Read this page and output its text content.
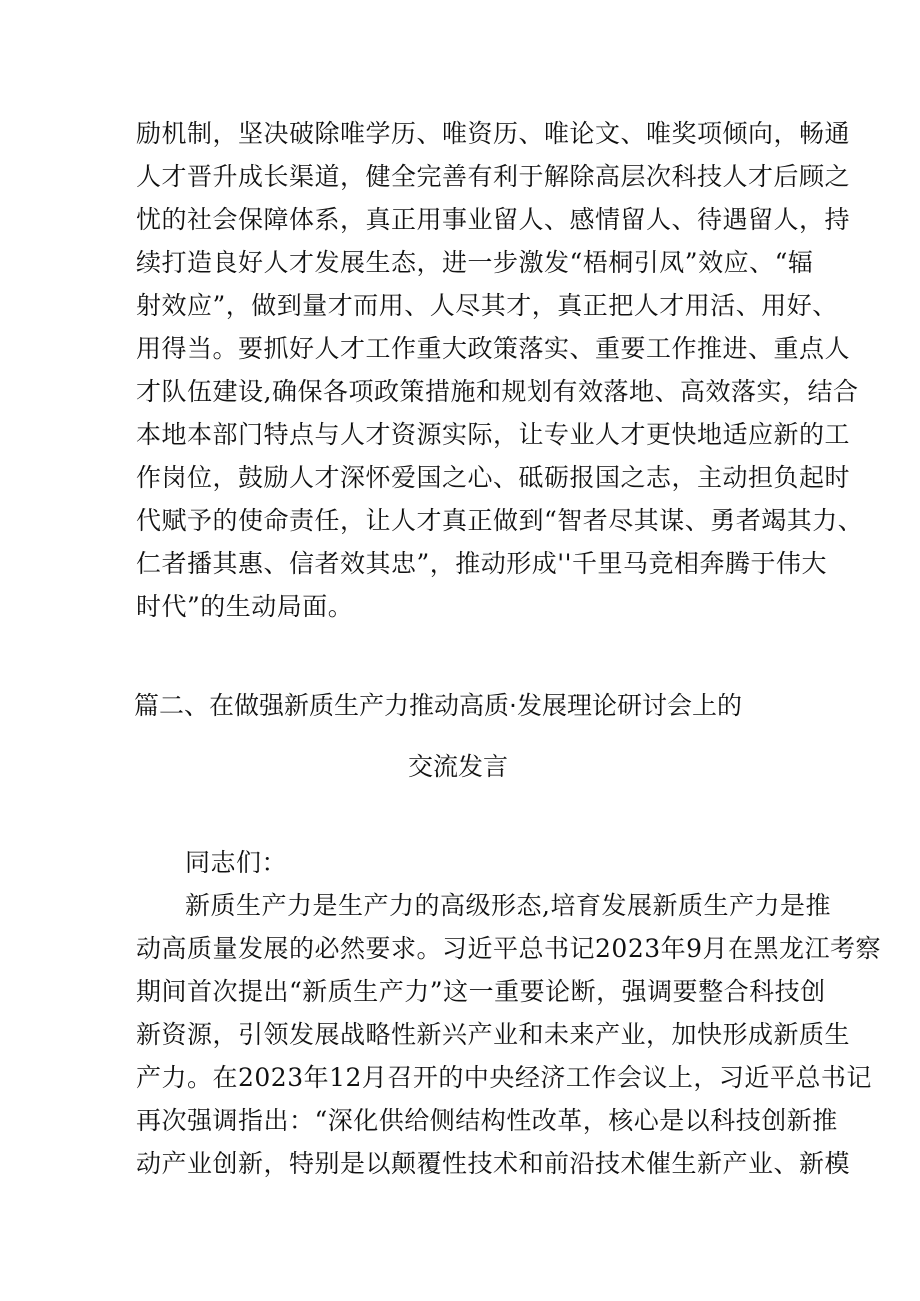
励机制，坚决破除唯学历、唯资历、唯论文、唯奖项倾向，畅通
人才晋升成长渠道，健全完善有利于解除高层次科技人才后顾之
忧的社会保障体系，真正用事业留人、感情留人、待遇留人，持
续打造良好人才发展生态，进一步激发“梧桐引凤”效应、“辐
射效应”，做到量才而用、人尽其才，真正把人才用活、用好、
用得当。要抓好人才工作重大政策落实、重要工作推进、重点人
才队伍建设,确保各项政策措施和规划有效落地、高效落实，结合
本地本部门特点与人才资源实际，让专业人才更快地适应新的工
作岗位，鼓励人才深怀爱国之心、砥砺报国之志，主动担负起时
代赋予的使命责任，让人才真正做到“智者尽其谋、勇者竭其力、
仁者播其惠、信者效其忠”，推动形成''千里马竞相奔腾于伟大
时代”的生动局面。
篇二、在做强新质生产力推动高质·发展理论研讨会上的
交流发言
同志们：
新质生产力是生产力的高级形态,培育发展新质生产力是推
动高质量发展的必然要求。习近平总书记2023年9月在黑龙江考察
期间首次提出“新质生产力”这一重要论断，强调要整合科技创
新资源，引领发展战略性新兴产业和未来产业，加快形成新质生
产力。在2023年12月召开的中央经济工作会议上，习近平总书记
再次强调指出：“深化供给侧结构性改革，核心是以科技创新推
动产业创新，特别是以颠覆性技术和前沿技术催生新产业、新模
